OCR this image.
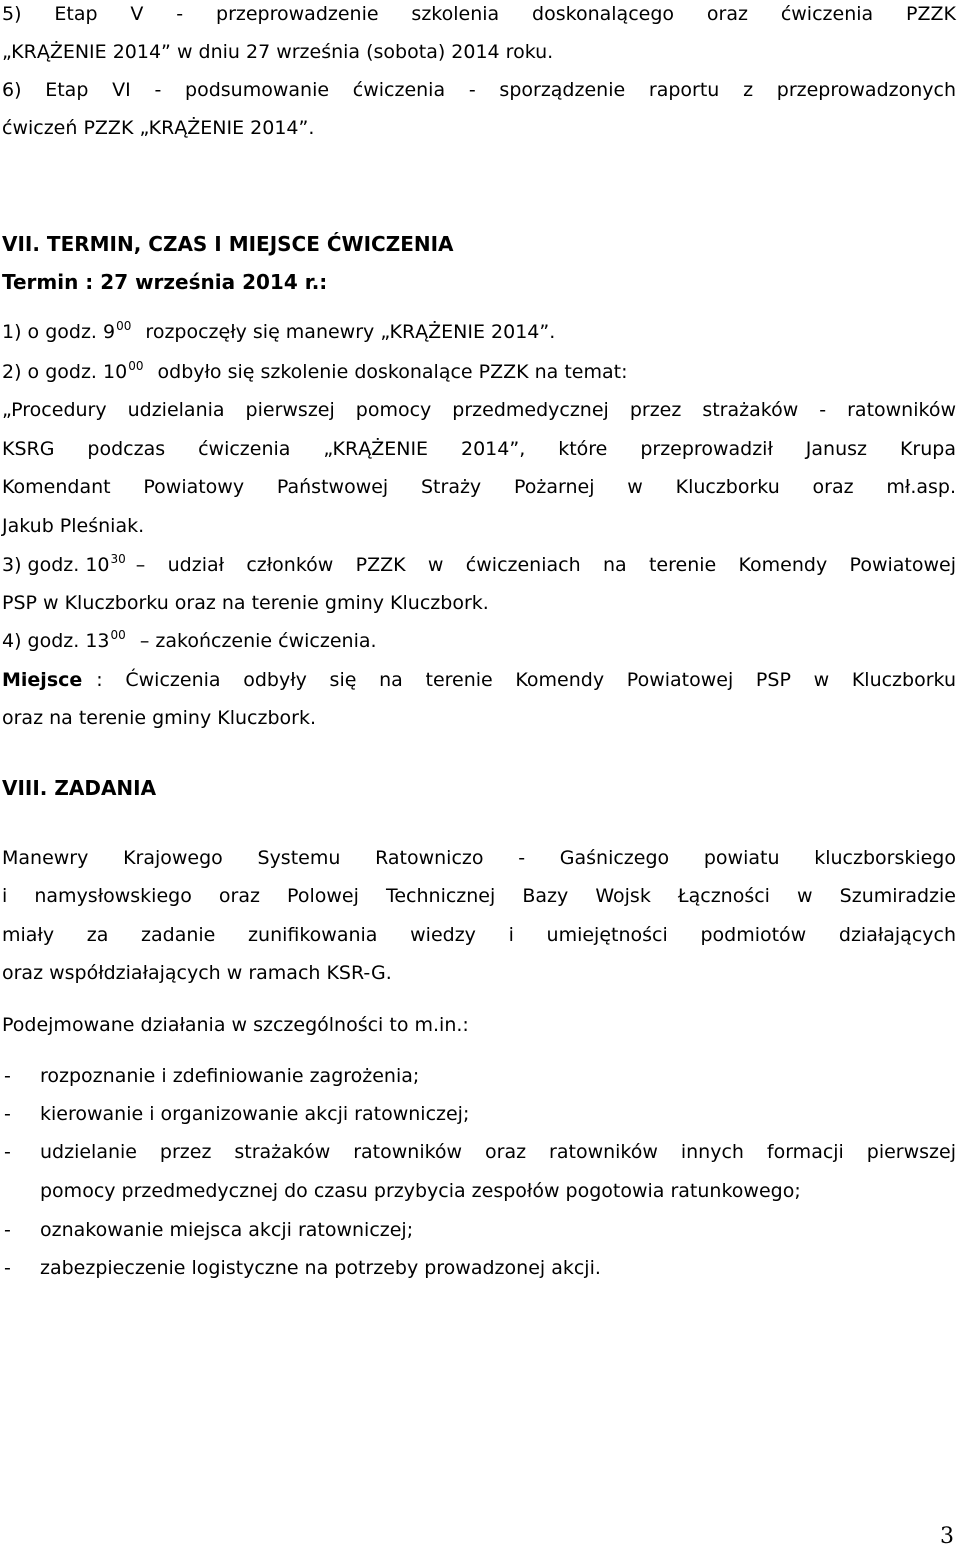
5) Etap V - przeprowadzenie szkolenia doskonalącego oraz ćwiczenia PZZK
„KRĄŻENIE 2014” w dniu 27 września (sobota) 2014 roku.
6) Etap VI - podsumowanie ćwiczenia - sporządzenie raportu z przeprowadzonych
ćwiczeń PZZK „KRĄŻENIE 2014”.
VII. TERMIN, CZAS I MIEJSCE ĆWICZENIA
Termin : 27 września 2014 r.:
1) o godz. $9^{00}$ rozpoczęły się manewry „KRĄŻENIE 2014”.
2) o godz. $10^{00}$ odbyło się szkolenie doskonalące PZZK na temat:
„Procedury udzielania pierwszej pomocy przedmedycznej przez strażaków - ratowników
KSRG podczas ćwiczenia „KRĄŻENIE 2014”, które przeprowadził Janusz Krupa
Komendant Powiatowy Państwowej Straży Pożarnej w Kluczborku oraz mł.asp.
Jakub Pleśniak.
3) godz. $10^{30}$ – udział członków PZZK w ćwiczeniach na terenie Komendy Powiatowej
PSP w Kluczborku oraz na terenie gminy Kluczbork.
4) godz. $13^{00}$ – zakończenie ćwiczenia.
Miejsce : Ćwiczenia odbyły się na terenie Komendy Powiatowej PSP w Kluczborku
oraz na terenie gminy Kluczbork.
VIII. ZADANIA
Manewry Krajowego Systemu Ratowniczo - Gaśniczego powiatu kluczborskiego
i namysłowskiego oraz Polowej Technicznej Bazy Wojsk Łączności w Szumiradzie
miały za zadanie zunifikowania wiedzy i umiejętności podmiotów działających
oraz współdziałających w ramach KSR-G.
Podejmowane działania w szczególności to m.in.:
- rozpoznanie i zdefiniowanie zagrożenia;
- kierowanie i organizowanie akcji ratowniczej;
- udzielanie przez strażaków ratowników oraz ratowników innych formacji pierwszej
pomocy przedmedycznej do czasu przybycia zespołów pogotowia ratunkowego;
- oznakowanie miejsca akcji ratowniczej;
- zabezpieczenie logistyczne na potrzeby prowadzonej akcji.
3
